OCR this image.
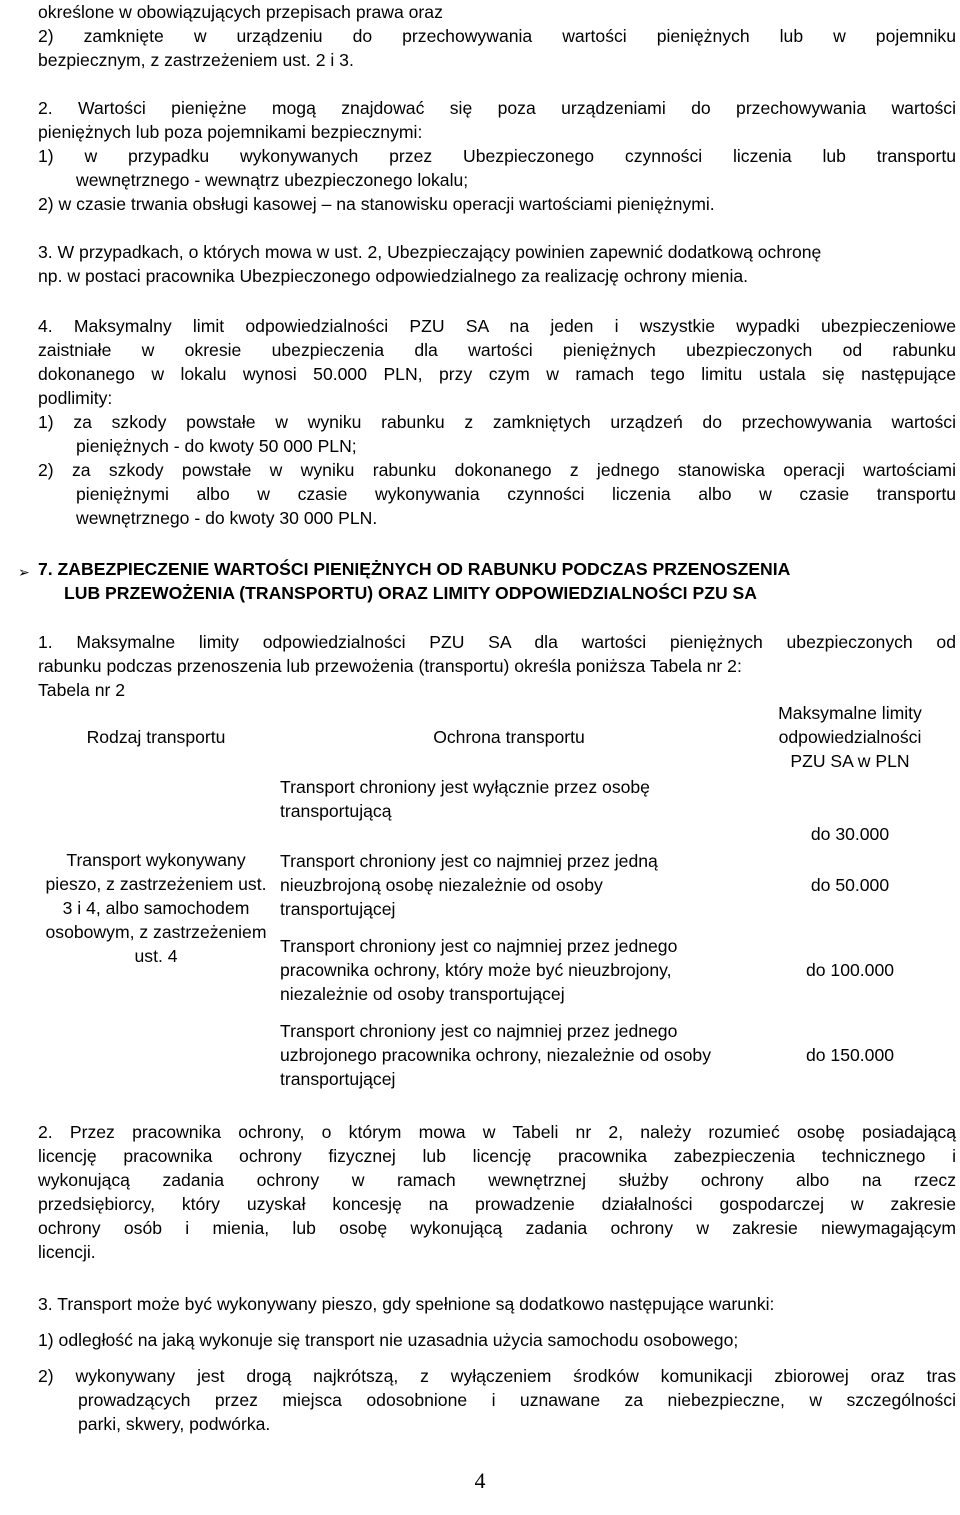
określone w obowiązujących przepisach prawa oraz
2) zamknięte w urządzeniu do przechowywania wartości pieniężnych lub w pojemniku
bezpiecznym, z zastrzeżeniem ust. 2 i 3.
2. Wartości pieniężne mogą znajdować się poza urządzeniami do przechowywania wartości
pieniężnych lub poza pojemnikami bezpiecznymi:
1) w przypadku wykonywanych przez Ubezpieczonego czynności liczenia lub transportu
wewnętrznego - wewnątrz ubezpieczonego lokalu;
2) w czasie trwania obsługi kasowej – na stanowisku operacji wartościami pieniężnymi.
3. W przypadkach, o których mowa w ust. 2, Ubezpieczający powinien zapewnić dodatkową ochronę
np. w postaci pracownika Ubezpieczonego odpowiedzialnego za realizację ochrony mienia.
4. Maksymalny limit odpowiedzialności PZU SA na jeden i wszystkie wypadki ubezpieczeniowe
zaistniałe w okresie ubezpieczenia dla wartości pieniężnych ubezpieczonych od rabunku
dokonanego w lokalu wynosi 50.000 PLN, przy czym w ramach tego limitu ustala się następujące
podlimity:
1) za szkody powstałe w wyniku rabunku z zamkniętych urządzeń do przechowywania wartości
pieniężnych - do kwoty 50 000 PLN;
2) za szkody powstałe w wyniku rabunku dokonanego z jednego stanowiska operacji wartościami
pieniężnymi albo w czasie wykonywania czynności liczenia albo w czasie transportu
wewnętrznego - do kwoty 30 000 PLN.
➢ 7. ZABEZPIECZENIE WARTOŚCI PIENIĘŻNYCH OD RABUNKU PODCZAS PRZENOSZENIA
LUB PRZEWOŻENIA (TRANSPORTU) ORAZ LIMITY ODPOWIEDZIALNOŚCI PZU SA
1. Maksymalne limity odpowiedzialności PZU SA dla wartości pieniężnych ubezpieczonych od
rabunku podczas przenoszenia lub przewożenia (transportu) określa poniższa Tabela nr 2:
Tabela nr 2
Rodzaj transportu	Ochrona transportu	Maksymalne limity odpowiedzialności PZU SA w PLN
	Transport chroniony jest wyłącznie przez osobę transportującą	do 30.000
Transport wykonywany pieszo, z zastrzeżeniem ust. 3 i 4, albo samochodem osobowym, z zastrzeżeniem ust. 4	Transport chroniony jest co najmniej przez jedną nieuzbrojoną osobę niezależnie od osoby transportującej	do 50.000
	Transport chroniony jest co najmniej przez jednego pracownika ochrony, który może być nieuzbrojony, niezależnie od osoby transportującej	do 100.000
	Transport chroniony jest co najmniej przez jednego uzbrojonego pracownika ochrony, niezależnie od osoby transportującej	do 150.000
2. Przez pracownika ochrony, o którym mowa w Tabeli nr 2, należy rozumieć osobę posiadającą
licencję pracownika ochrony fizycznej lub licencję pracownika zabezpieczenia technicznego i
wykonującą zadania ochrony w ramach wewnętrznej służby ochrony albo na rzecz
przedsiębiorcy, który uzyskał koncesję na prowadzenie działalności gospodarczej w zakresie
ochrony osób i mienia, lub osobę wykonującą zadania ochrony w zakresie niewymagającym
licencji.
3. Transport może być wykonywany pieszo, gdy spełnione są dodatkowo następujące warunki:
1) odległość na jaką wykonuje się transport nie uzasadnia użycia samochodu osobowego;
2) wykonywany jest drogą najkrótszą, z wyłączeniem środków komunikacji zbiorowej oraz tras
prowadzących przez miejsca odosobnione i uznawane za niebezpieczne, w szczególności
parki, skwery, podwórka.
4
